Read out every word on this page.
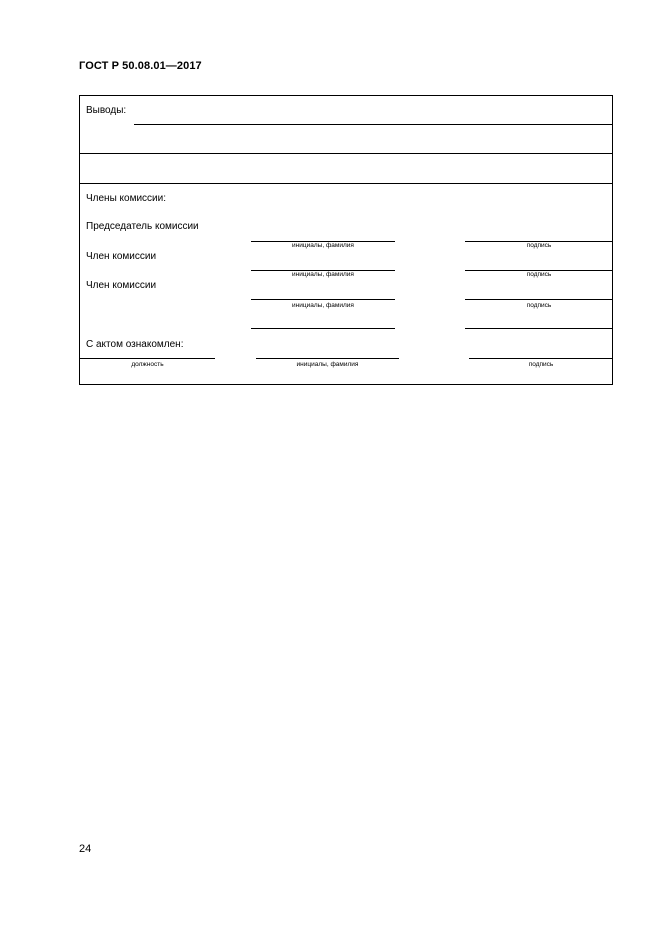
ГОСТ Р 50.08.01—2017
Выводы:
Члены комиссии:
Председатель комиссии
инициалы, фамилия	подпись
Член комиссии
инициалы, фамилия	подпись
Член комиссии
инициалы, фамилия	подпись
С актом ознакомлен:
должность	инициалы, фамилия	подпись
24
